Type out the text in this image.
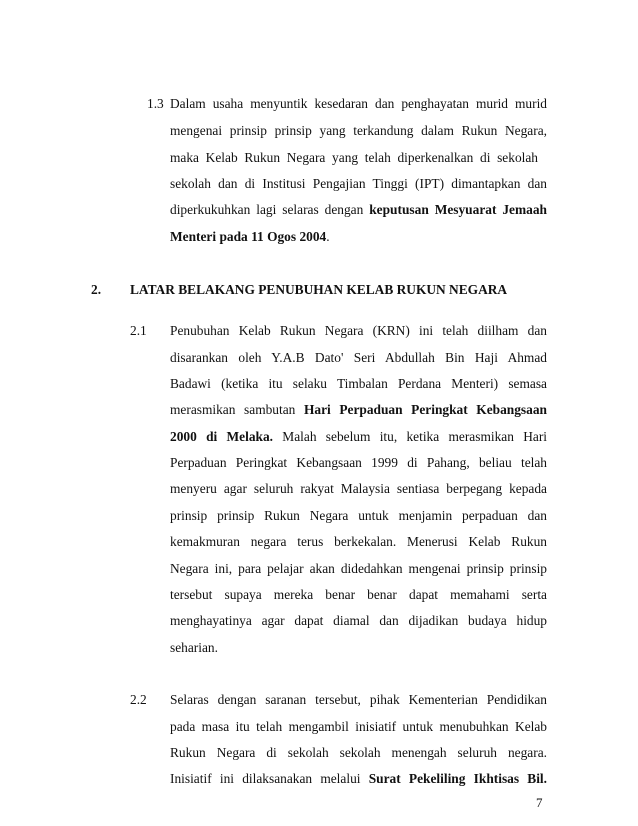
1.3 Dalam usaha menyuntik kesedaran dan penghayatan murid murid
mengenai prinsip prinsip yang terkandung dalam Rukun Negara,
maka Kelab Rukun Negara yang telah diperkenalkan di sekolah
sekolah dan di Institusi Pengajian Tinggi (IPT) dimantapkan dan
diperkukuhkan lagi selaras dengan keputusan Mesyuarat Jemaah
Menteri pada 11 Ogos 2004.
2. LATAR BELAKANG PENUBUHAN KELAB RUKUN NEGARA
2.1 Penubuhan Kelab Rukun Negara (KRN) ini telah diilham dan
disarankan oleh Y.A.B Dato' Seri Abdullah Bin Haji Ahmad
Badawi (ketika itu selaku Timbalan Perdana Menteri) semasa
merasmikan sambutan Hari Perpaduan Peringkat Kebangsaan
2000 di Melaka. Malah sebelum itu, ketika merasmikan Hari
Perpaduan Peringkat Kebangsaan 1999 di Pahang, beliau telah
menyeru agar seluruh rakyat Malaysia sentiasa berpegang kepada
prinsip prinsip Rukun Negara untuk menjamin perpaduan dan
kemakmuran negara terus berkekalan. Menerusi Kelab Rukun
Negara ini, para pelajar akan didedahkan mengenai prinsip prinsip
tersebut supaya mereka benar benar dapat memahami serta
menghayatinya agar dapat diamal dan dijadikan budaya hidup
seharian.
2.2 Selaras dengan saranan tersebut, pihak Kementerian Pendidikan
pada masa itu telah mengambil inisiatif untuk menubuhkan Kelab
Rukun Negara di sekolah sekolah menengah seluruh negara.
Inisiatif ini dilaksanakan melalui Surat Pekeliling Ikhtisas Bil.
7
